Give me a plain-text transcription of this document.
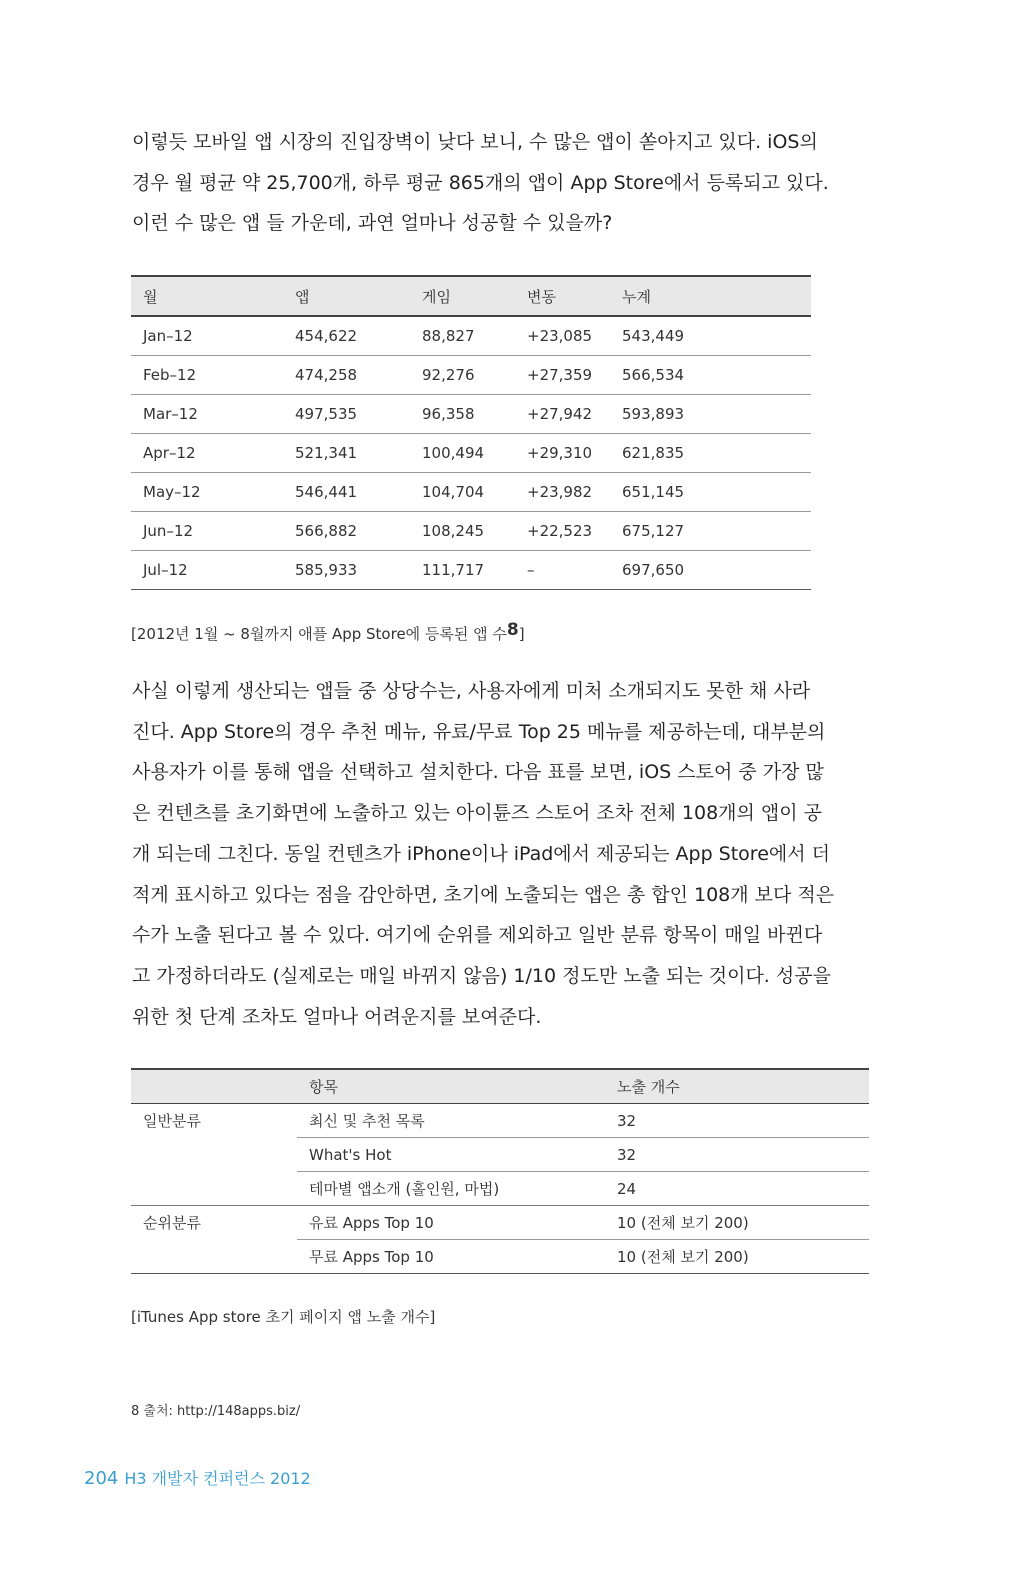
이렇듯 모바일 앱 시장의 진입장벽이 낮다 보니, 수 많은 앱이 쏟아지고 있다. iOS의
경우 월 평균 약 25,700개, 하루 평균 865개의 앱이 App Store에서 등록되고 있다.
이런 수 많은 앱 들 가운데, 과연 얼마나 성공할 수 있을까?
월	앱	게임	변동	누계
Jan–12	454,622	88,827	+23,085	543,449
Feb–12	474,258	92,276	+27,359	566,534
Mar–12	497,535	96,358	+27,942	593,893
Apr–12	521,341	100,494	+29,310	621,835
May–12	546,441	104,704	+23,982	651,145
Jun–12	566,882	108,245	+22,523	675,127
Jul–12	585,933	111,717	–	697,650

[2012년 1월 ~ 8월까지 애플 App Store에 등록된 앱 수$^8$]

사실 이렇게 생산되는 앱들 중 상당수는, 사용자에게 미처 소개되지도 못한 채 사라
진다. App Store의 경우 추천 메뉴, 유료/무료 Top 25 메뉴를 제공하는데, 대부분의
사용자가 이를 통해 앱을 선택하고 설치한다. 다음 표를 보면, iOS 스토어 중 가장 많
은 컨텐츠를 초기화면에 노출하고 있는 아이튠즈 스토어 조차 전체 108개의 앱이 공
개 되는데 그친다. 동일 컨텐츠가 iPhone이나 iPad에서 제공되는 App Store에서 더
적게 표시하고 있다는 점을 감안하면, 초기에 노출되는 앱은 총 합인 108개 보다 적은
수가 노출 된다고 볼 수 있다. 여기에 순위를 제외하고 일반 분류 항목이 매일 바뀐다
고 가정하더라도 (실제로는 매일 바뀌지 않음) 1/10 정도만 노출 되는 것이다. 성공을
위한 첫 단계 조차도 얼마나 어려운지를 보여준다.
	항목	노출 개수
일반분류	최신 및 추천 목록	32
	What's Hot	32
	테마별 앱소개 (홀인원, 마법)	24
순위분류	유료 Apps Top 10	10 (전체 보기 200)
	무료 Apps Top 10	10 (전체 보기 200)

[iTunes App store 초기 페이지 앱 노출 개수]

8 출처: http://148apps.biz/

204 H3 개발자 컨퍼런스 2012
